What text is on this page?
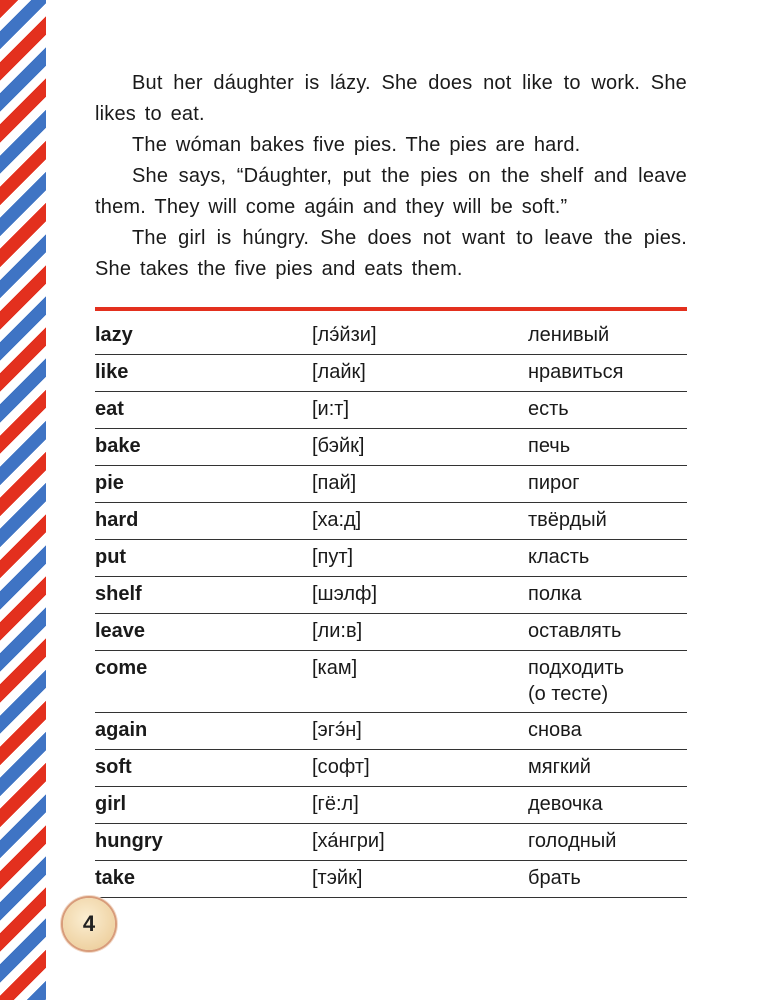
But her dáughter is lázy. She does not like to work. She likes to eat.

The wóman bakes five pies. The pies are hard.

She says, “Dáughter, put the pies on the shelf and leave them. They will come agáin and they will be soft.”

The girl is húngry. She does not want to leave the pies. She takes the five pies and eats them.

lazy	[лэ́йзи]	ленивый
like	[лайк]	нравиться
eat	[и:т]	есть
bake	[бэйк]	печь
pie	[пай]	пирог
hard	[ха:д]	твёрдый
put	[пут]	класть
shelf	[шэлф]	полка
leave	[ли:в]	оставлять
come	[кам]	подходить
(о тесте)
again	[эгэ́н]	снова
soft	[софт]	мягкий
girl	[гё:л]	девочка
hungry	[ха́нгри]	голодный
take	[тэйк]	брать
4
